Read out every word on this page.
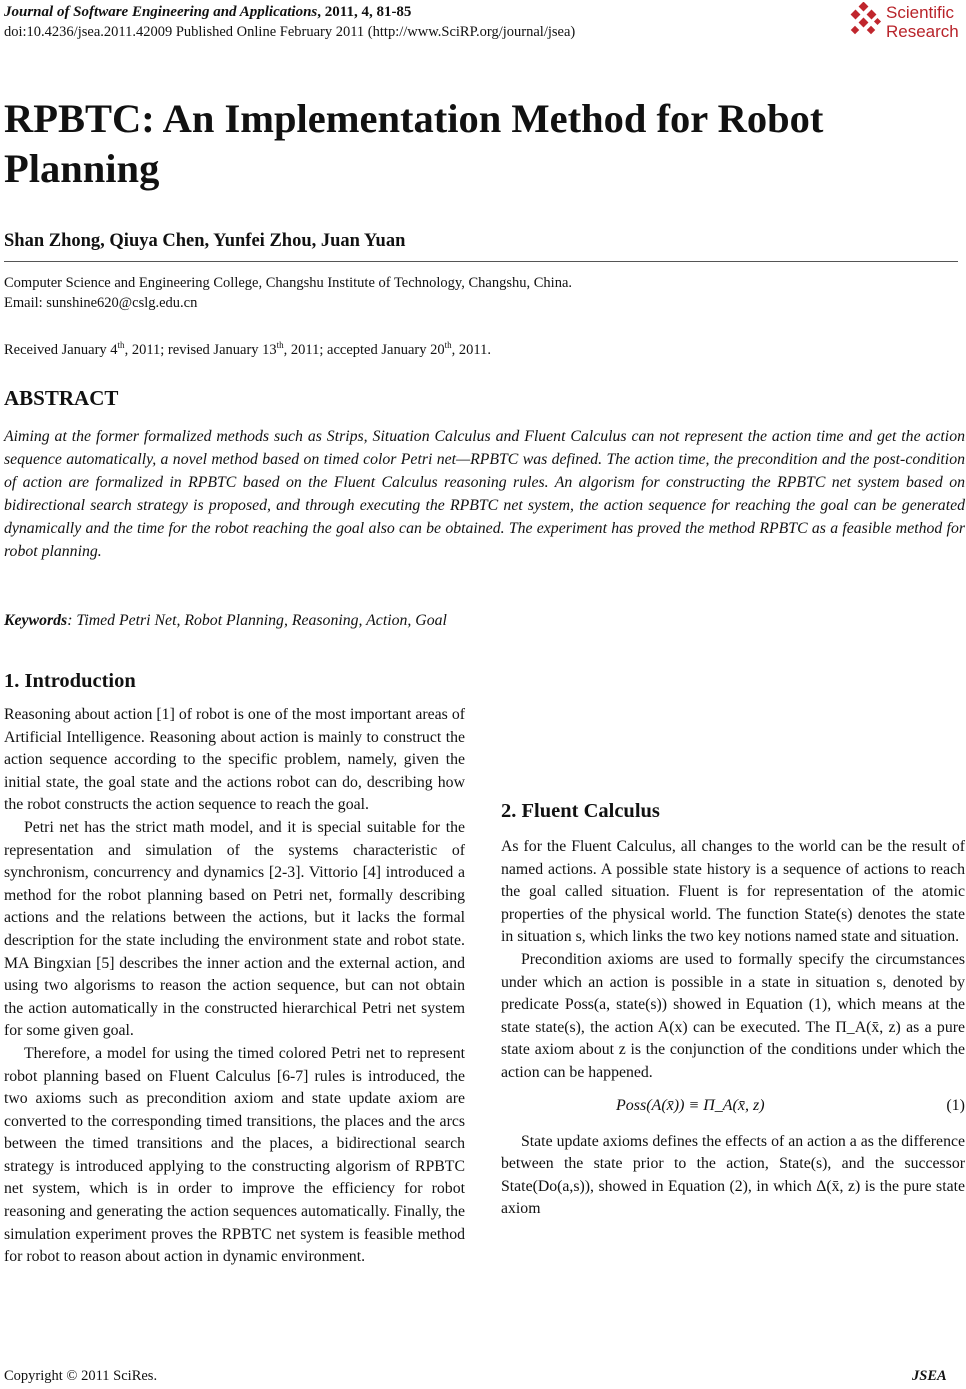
Journal of Software Engineering and Applications, 2011, 4, 81-85
doi:10.4236/jsea.2011.42009 Published Online February 2011 (http://www.SciRP.org/journal/jsea)
Scientific
Research
RPBTC: An Implementation Method for Robot Planning
Shan Zhong, Qiuya Chen, Yunfei Zhou, Juan Yuan
Computer Science and Engineering College, Changshu Institute of Technology, Changshu, China.
Email: sunshine620@cslg.edu.cn
Received January 4th, 2011; revised January 13th, 2011; accepted January 20th, 2011.
ABSTRACT
Aiming at the former formalized methods such as Strips, Situation Calculus and Fluent Calculus can not represent the action time and get the action sequence automatically, a novel method based on timed color Petri net—RPBTC was defined. The action time, the precondition and the post-condition of action are formalized in RPBTC based on the Fluent Calculus reasoning rules. An algorism for constructing the RPBTC net system based on bidirectional search strategy is proposed, and through executing the RPBTC net system, the action sequence for reaching the goal can be generated dynamically and the time for the robot reaching the goal also can be obtained. The experiment has proved the method RPBTC as a feasible method for robot planning.
Keywords: Timed Petri Net, Robot Planning, Reasoning, Action, Goal
1. Introduction

Reasoning about action [1] of robot is one of the most important areas of Artificial Intelligence. Reasoning about action is mainly to construct the action sequence according to the specific problem, namely, given the initial state, the goal state and the actions robot can do, describing how the robot constructs the action sequence to reach the goal.

Petri net has the strict math model, and it is special suitable for the representation and simulation of the systems characteristic of synchronism, concurrency and dynamics [2-3]. Vittorio [4] introduced a method for the robot planning based on Petri net, formally describing actions and the relations between the actions, but it lacks the formal description for the state including the environment state and robot state. MA Bingxian [5] describes the inner action and the external action, and using two algorisms to reason the action sequence, but can not obtain the action automatically in the constructed hierarchical Petri net system for some given goal.

Therefore, a model for using the timed colored Petri net to represent robot planning based on Fluent Calculus [6-7] rules is introduced, the two axioms such as precondition axiom and state update axiom are converted to the corresponding timed transitions, the places and the arcs between the timed transitions and the places, a bidirectional search strategy is introduced applying to the constructing algorism of RPBTC net system, which is in order to improve the efficiency for robot reasoning and generating the action sequences automatically. Finally, the simulation experiment proves the RPBTC net system is feasible method for robot to reason about action in dynamic environment.

2. Fluent Calculus

As for the Fluent Calculus, all changes to the world can be the result of named actions. A possible state history is a sequence of actions to reach the goal called situation. Fluent is for representation of the atomic properties of the physical world. The function State(s) denotes the state in situation s, which links the two key notions named state and situation.

Precondition axioms are used to formally specify the circumstances under which an action is possible in a state in situation s, denoted by predicate Poss(a, state(s)) showed in Equation (1), which means at the state state(s), the action A(x) can be executed. The Π_A(x̄, z) as a pure state axiom about z is the conjunction of the conditions under which the action can be happened.

Poss(A(x̄)) ≡ Π_A(x̄, z)	(1)

State update axioms defines the effects of an action a as the difference between the state prior to the action, State(s), and the successor State(Do(a,s)), showed in Equation (2), in which Δ(x̄, z) is the pure state axiom

Copyright © 2011 SciRes.	JSEA
